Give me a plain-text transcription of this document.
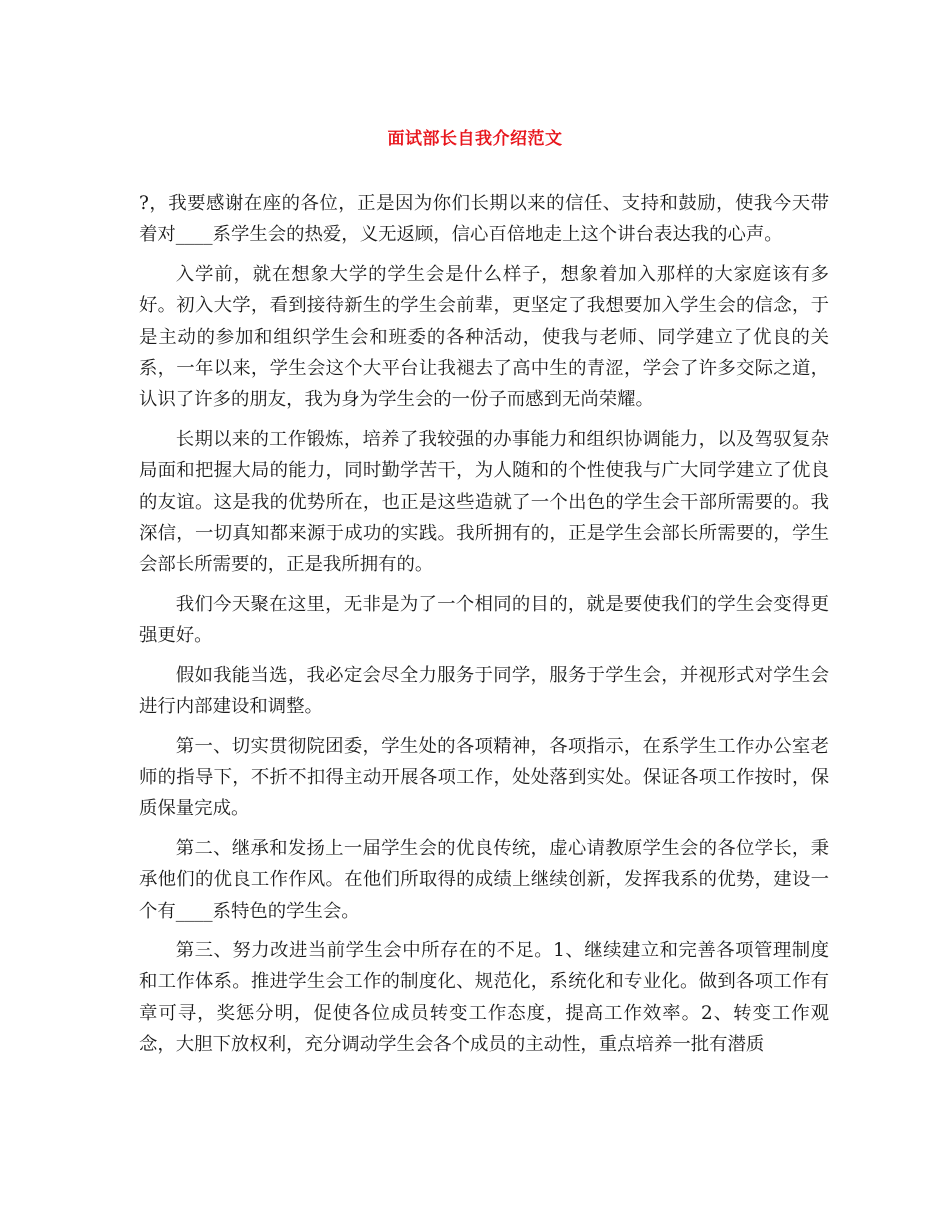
面试部长自我介绍范文

?，我要感谢在座的各位，正是因为你们长期以来的信任、支持和鼓励，使我今天带着对____系学生会的热爱，义无返顾，信心百倍地走上这个讲台表达我的心声。

入学前，就在想象大学的学生会是什么样子，想象着加入那样的大家庭该有多好。初入大学，看到接待新生的学生会前辈，更坚定了我想要加入学生会的信念，于是主动的参加和组织学生会和班委的各种活动，使我与老师、同学建立了优良的关系，一年以来，学生会这个大平台让我褪去了高中生的青涩，学会了许多交际之道，认识了许多的朋友，我为身为学生会的一份子而感到无尚荣耀。

长期以来的工作锻炼，培养了我较强的办事能力和组织协调能力，以及驾驭复杂局面和把握大局的能力，同时勤学苦干，为人随和的个性使我与广大同学建立了优良的友谊。这是我的优势所在，也正是这些造就了一个出色的学生会干部所需要的。我深信，一切真知都来源于成功的实践。我所拥有的，正是学生会部长所需要的，学生会部长所需要的，正是我所拥有的。

我们今天聚在这里，无非是为了一个相同的目的，就是要使我们的学生会变得更强更好。

假如我能当选，我必定会尽全力服务于同学，服务于学生会，并视形式对学生会进行内部建设和调整。

第一、切实贯彻院团委，学生处的各项精神，各项指示，在系学生工作办公室老师的指导下，不折不扣得主动开展各项工作，处处落到实处。保证各项工作按时，保质保量完成。

第二、继承和发扬上一届学生会的优良传统，虚心请教原学生会的各位学长，秉承他们的优良工作作风。在他们所取得的成绩上继续创新，发挥我系的优势，建设一个有____系特色的学生会。

第三、努力改进当前学生会中所存在的不足。1、继续建立和完善各项管理制度和工作体系。推进学生会工作的制度化、规范化，系统化和专业化。做到各项工作有章可寻，奖惩分明，促使各位成员转变工作态度，提高工作效率。2、转变工作观念，大胆下放权利，充分调动学生会各个成员的主动性，重点培养一批有潜质
